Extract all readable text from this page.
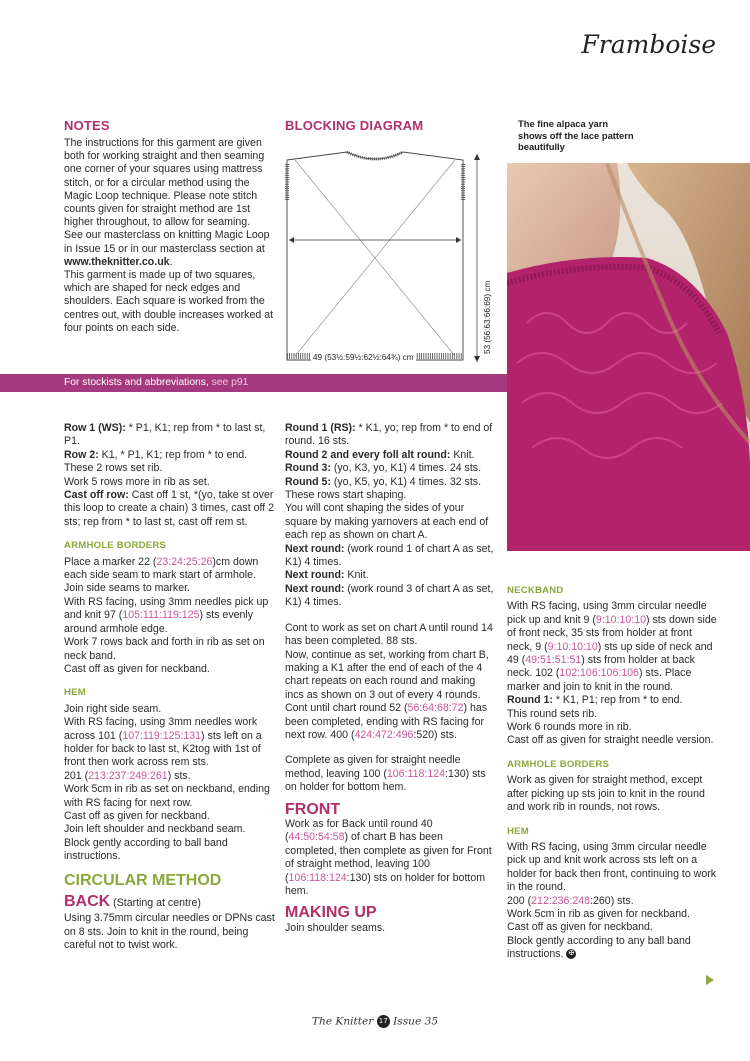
Framboise
NOTES

The instructions for this garment are given both for working straight and then seaming one corner of your squares using mattress stitch, or for a circular method using the Magic Loop technique. Please note stitch counts given for straight method are 1st higher throughout, to allow for seaming.

See our masterclass on knitting Magic Loop in Issue 15 or in our masterclass section at www.theknitter.co.uk.

This garment is made up of two squares, which are shaped for neck edges and shoulders. Each square is worked from the centres out, with double increases worked at four points on each side.

BLOCKING DIAGRAM
49 (53½:59½:62½:64¾) cm
53 (56:63:66:69) cm
The fine alpaca yarn shows off the lace pattern beautifully
For stockists and abbreviations, see p91

Row 1 (WS): * P1, K1; rep from * to last st, P1.

Row 2: K1, * P1, K1; rep from * to end.

These 2 rows set rib.

Work 5 rows more in rib as set.

Cast off row: Cast off 1 st, *(yo, take st over this loop to create a chain) 3 times, cast off 2 sts; rep from * to last st, cast off rem st.

ARMHOLE BORDERS

Place a marker 22 (23:24:25:26)cm down each side seam to mark start of armhole. Join side seams to marker.

With RS facing, using 3mm needles pick up and knit 97 (105:111:119:125) sts evenly around armhole edge.

Work 7 rows back and forth in rib as set on neck band.

Cast off as given for neckband.

HEM

Join right side seam.

With RS facing, using 3mm needles work across 101 (107:119:125:131) sts left on a holder for back to last st, K2tog with 1st of front then work across rem sts.

201 (213:237:249:261) sts.

Work 5cm in rib as set on neckband, ending with RS facing for next row.

Cast off as given for neckband.

Join left shoulder and neckband seam.

Block gently according to ball band instructions.

CIRCULAR METHOD
BACK (Starting at centre)

Using 3.75mm circular needles or DPNs cast on 8 sts. Join to knit in the round, being careful not to twist work.

Round 1 (RS): * K1, yo; rep from * to end of round. 16 sts.

Round 2 and every foll alt round: Knit.

Round 3: (yo, K3, yo, K1) 4 times. 24 sts.

Round 5: (yo, K5, yo, K1) 4 times. 32 sts.

These rows start shaping.

You will cont shaping the sides of your square by making yarnovers at each end of each rep as shown on chart A.

Next round: (work round 1 of chart A as set, K1) 4 times.

Next round: Knit.

Next round: (work round 3 of chart A as set, K1) 4 times.

Cont to work as set on chart A until round 14 has been completed. 88 sts.

Now, continue as set, working from chart B, making a K1 after the end of each of the 4 chart repeats on each round and making incs as shown on 3 out of every 4 rounds.

Cont until chart round 52 (56:64:68:72) has been completed, ending with RS facing for next row. 400 (424:472:496:520) sts.

Complete as given for straight needle method, leaving 100 (106:118:124:130) sts on holder for bottom hem.

FRONT

Work as for Back until round 40 (44:50:54:58) of chart B has been completed, then complete as given for Front of straight method, leaving 100 (106:118:124:130) sts on holder for bottom hem.

MAKING UP

Join shoulder seams.

NECKBAND

With RS facing, using 3mm circular needle pick up and knit 9 (9:10:10:10) sts down side of front neck, 35 sts from holder at front neck, 9 (9:10:10:10) sts up side of neck and 49 (49:51:51:51) sts from holder at back neck. 102 (102:106:106:106) sts. Place marker and join to knit in the round.

Round 1: * K1, P1; rep from * to end.

This round sets rib.

Work 6 rounds more in rib.

Cast off as given for straight needle version.

ARMHOLE BORDERS

Work as given for straight method, except after picking up sts join to knit in the round and work rib in rounds, not rows.

HEM

With RS facing, using 3mm circular needle pick up and knit work across sts left on a holder for back then front, continuing to work in the round.

200 (212:236:248:260) sts.

Work 5cm in rib as given for neckband.

Cast off as given for neckband.

Block gently according to any ball band instructions. ✠

The Knitter 17 Issue 35
